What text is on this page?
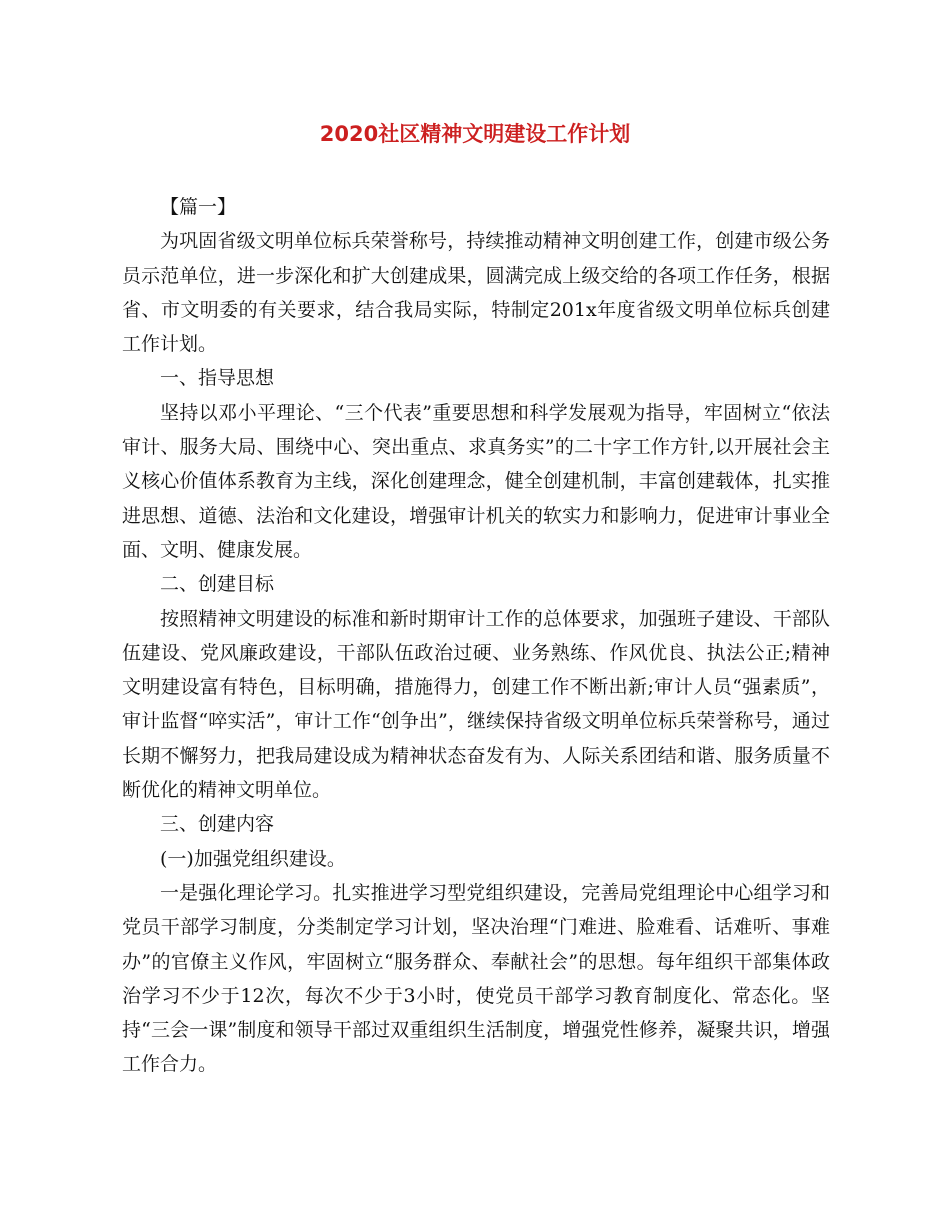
2020社区精神文明建设工作计划

【篇一】

为巩固省级文明单位标兵荣誉称号，持续推动精神文明创建工作，创建市级公务员示范单位，进一步深化和扩大创建成果，圆满完成上级交给的各项工作任务，根据省、市文明委的有关要求，结合我局实际，特制定201x年度省级文明单位标兵创建工作计划。

一、指导思想

坚持以邓小平理论、“三个代表”重要思想和科学发展观为指导，牢固树立“依法审计、服务大局、围绕中心、突出重点、求真务实”的二十字工作方针,以开展社会主义核心价值体系教育为主线，深化创建理念，健全创建机制，丰富创建载体，扎实推进思想、道德、法治和文化建设，增强审计机关的软实力和影响力，促进审计事业全面、文明、健康发展。

二、创建目标

按照精神文明建设的标准和新时期审计工作的总体要求，加强班子建设、干部队伍建设、党风廉政建设，干部队伍政治过硬、业务熟练、作风优良、执法公正;精神文明建设富有特色，目标明确，措施得力，创建工作不断出新;审计人员“强素质”，审计监督“啐实活”，审计工作“创争出”，继续保持省级文明单位标兵荣誉称号，通过长期不懈努力，把我局建设成为精神状态奋发有为、人际关系团结和谐、服务质量不断优化的精神文明单位。

三、创建内容

(一)加强党组织建设。

一是强化理论学习。扎实推进学习型党组织建设，完善局党组理论中心组学习和党员干部学习制度，分类制定学习计划，坚决治理“门难进、脸难看、话难听、事难办”的官僚主义作风，牢固树立“服务群众、奉献社会”的思想。每年组织干部集体政治学习不少于12次，每次不少于3小时，使党员干部学习教育制度化、常态化。坚持“三会一课”制度和领导干部过双重组织生活制度，增强党性修养，凝聚共识，增强工作合力。
